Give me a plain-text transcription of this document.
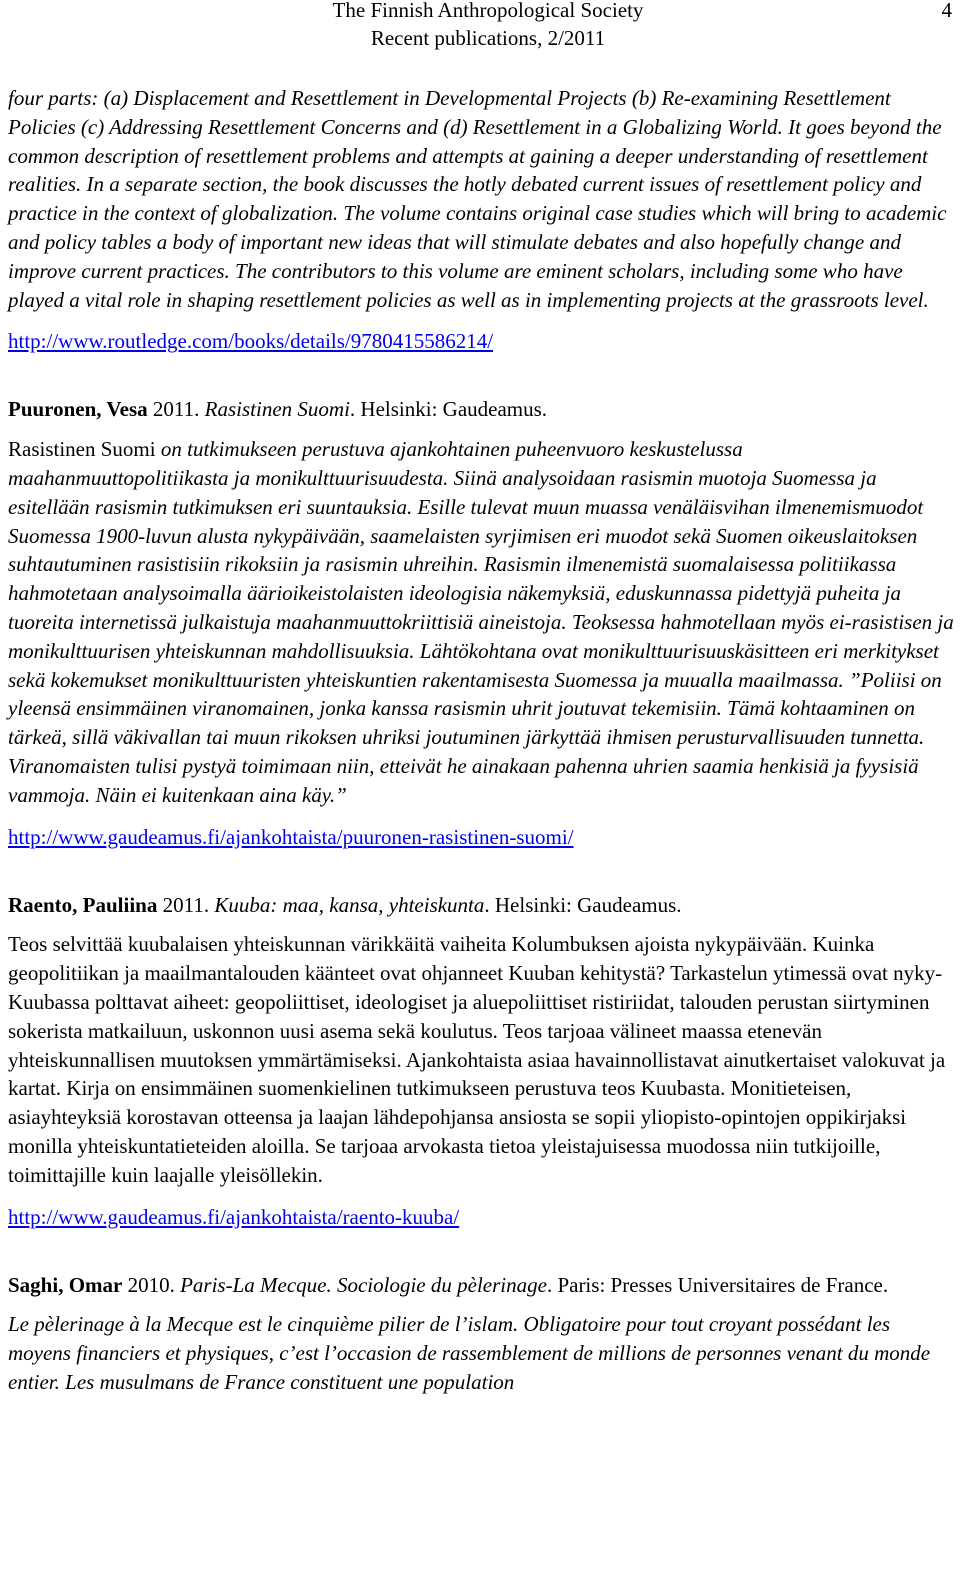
The Finnish Anthropological Society
Recent publications, 2/2011
4

four parts: (a) Displacement and Resettlement in Developmental Projects (b) Re-examining Resettlement Policies (c) Addressing Resettlement Concerns and (d) Resettlement in a Globalizing World. It goes beyond the common description of resettlement problems and attempts at gaining a deeper understanding of resettlement realities. In a separate section, the book discusses the hotly debated current issues of resettlement policy and practice in the context of globalization. The volume contains original case studies which will bring to academic and policy tables a body of important new ideas that will stimulate debates and also hopefully change and improve current practices. The contributors to this volume are eminent scholars, including some who have played a vital role in shaping resettlement policies as well as in implementing projects at the grassroots level.

http://www.routledge.com/books/details/9780415586214/

Puuronen, Vesa 2011. Rasistinen Suomi. Helsinki: Gaudeamus.

Rasistinen Suomi on tutkimukseen perustuva ajankohtainen puheenvuoro keskustelussa maahanmuuttopolitiikasta ja monikulttuurisuudesta. Siinä analysoidaan rasismin muotoja Suomessa ja esitellään rasismin tutkimuksen eri suuntauksia. Esille tulevat muun muassa venäläisvihan ilmenemismuodot Suomessa 1900-luvun alusta nykypäivään, saamelaisten syrjimisen eri muodot sekä Suomen oikeuslaitoksen suhtautuminen rasistisiin rikoksiin ja rasismin uhreihin. Rasismin ilmenemistä suomalaisessa politiikassa hahmotetaan analysoimalla äärioikeistolaisten ideologisia näkemyksiä, eduskunnassa pidettyjä puheita ja tuoreita internetissä julkaistuja maahanmuuttokriittisiä aineistoja. Teoksessa hahmotellaan myös ei-rasistisen ja monikulttuurisen yhteiskunnan mahdollisuuksia. Lähtökohtana ovat monikulttuurisuuskäsitteen eri merkitykset sekä kokemukset monikulttuuristen yhteiskuntien rakentamisesta Suomessa ja muualla maailmassa. ”Poliisi on yleensä ensimmäinen viranomainen, jonka kanssa rasismin uhrit joutuvat tekemisiin. Tämä kohtaaminen on tärkeä, sillä väkivallan tai muun rikoksen uhriksi joutuminen järkyttää ihmisen perusturvallisuuden tunnetta. Viranomaisten tulisi pystyä toimimaan niin, etteivät he ainakaan pahenna uhrien saamia henkisiä ja fyysisiä vammoja. Näin ei kuitenkaan aina käy.”

http://www.gaudeamus.fi/ajankohtaista/puuronen-rasistinen-suomi/

Raento, Pauliina 2011. Kuuba: maa, kansa, yhteiskunta. Helsinki: Gaudeamus.

Teos selvittää kuubalaisen yhteiskunnan värikkäitä vaiheita Kolumbuksen ajoista nykypäivään. Kuinka geopolitiikan ja maailmantalouden käänteet ovat ohjanneet Kuuban kehitystä? Tarkastelun ytimessä ovat nyky-Kuubassa polttavat aiheet: geopoliittiset, ideologiset ja aluepoliittiset ristiriidat, talouden perustan siirtyminen sokerista matkailuun, uskonnon uusi asema sekä koulutus. Teos tarjoaa välineet maassa etenevän yhteiskunnallisen muutoksen ymmärtämiseksi. Ajankohtaista asiaa havainnollistavat ainutkertaiset valokuvat ja kartat. Kirja on ensimmäinen suomenkielinen tutkimukseen perustuva teos Kuubasta. Monitieteisen, asiayhteyksiä korostavan otteensa ja laajan lähdepohjansa ansiosta se sopii yliopisto-opintojen oppikirjaksi monilla yhteiskuntatieteiden aloilla. Se tarjoaa arvokasta tietoa yleistajuisessa muodossa niin tutkijoille, toimittajille kuin laajalle yleisöllekin.

http://www.gaudeamus.fi/ajankohtaista/raento-kuuba/

Saghi, Omar 2010. Paris-La Mecque. Sociologie du pèlerinage. Paris: Presses Universitaires de France.

Le pèlerinage à la Mecque est le cinquième pilier de l’islam. Obligatoire pour tout croyant possédant les moyens financiers et physiques, c’est l’occasion de rassemblement de millions de personnes venant du monde entier. Les musulmans de France constituent une population
